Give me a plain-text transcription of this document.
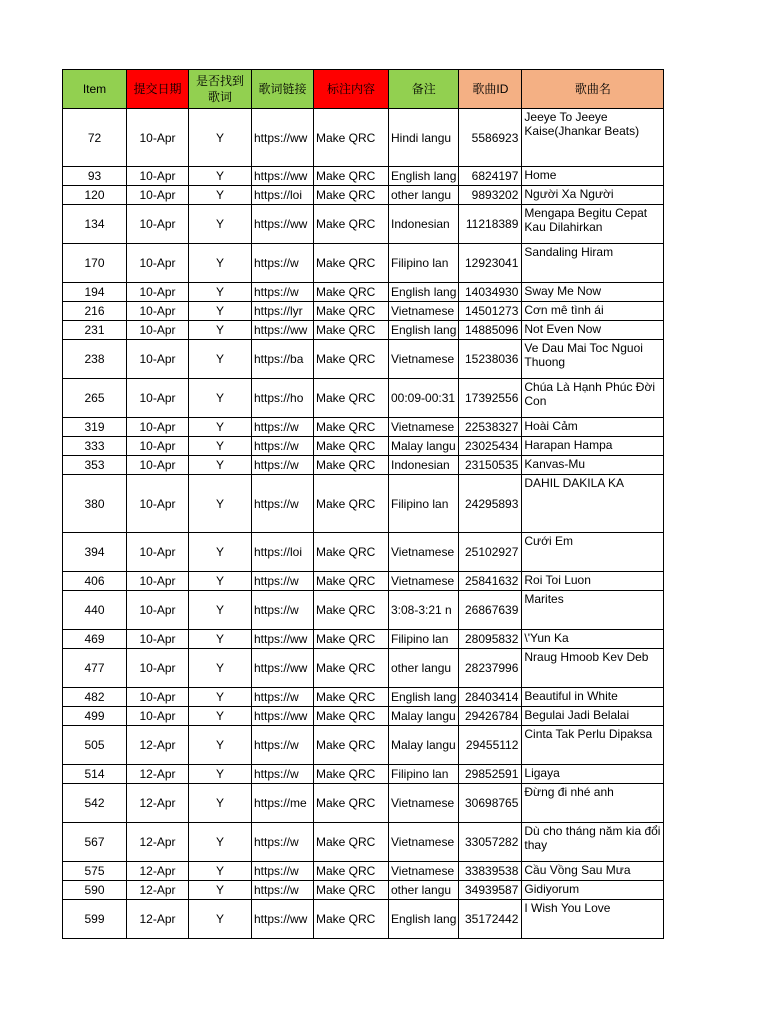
Item	提交日期	是否找到歌词	歌词链接	标注内容	备注	歌曲ID	歌曲名
72	10-Apr	Y	https://ww	Make QRC	Hindi langu	5586923	Jeeye To Jeeye Kaise(Jhankar Beats)
93	10-Apr	Y	https://ww	Make QRC	English lang	6824197	Home
120	10-Apr	Y	https://loi	Make QRC	other langu	9893202	Người Xa Người
134	10-Apr	Y	https://ww	Make QRC	Indonesian	11218389	Mengapa Begitu Cepat Kau Dilahirkan
170	10-Apr	Y	https://w	Make QRC	Filipino lan	12923041	Sandaling Hiram
194	10-Apr	Y	https://w	Make QRC	English lang	14034930	Sway Me Now
216	10-Apr	Y	https://lyr	Make QRC	Vietnamese	14501273	Cơn mê tình ái
231	10-Apr	Y	https://ww	Make QRC	English lang	14885096	Not Even Now
238	10-Apr	Y	https://ba	Make QRC	Vietnamese	15238036	Ve Dau Mai Toc Nguoi Thuong
265	10-Apr	Y	https://ho	Make QRC	00:09-00:31	17392556	Chúa Là Hạnh Phúc Đời Con
319	10-Apr	Y	https://w	Make QRC	Vietnamese	22538327	Hoài Cảm
333	10-Apr	Y	https://w	Make QRC	Malay langu	23025434	Harapan Hampa
353	10-Apr	Y	https://w	Make QRC	Indonesian	23150535	Kanvas-Mu
380	10-Apr	Y	https://w	Make QRC	Filipino lan	24295893	DAHIL DAKILA KA
394	10-Apr	Y	https://loi	Make QRC	Vietnamese	25102927	Cưới Em
406	10-Apr	Y	https://w	Make QRC	Vietnamese	25841632	Roi Toi Luon
440	10-Apr	Y	https://w	Make QRC	3:08-3:21 n	26867639	Marites
469	10-Apr	Y	https://ww	Make QRC	Filipino lan	28095832	\'Yun Ka
477	10-Apr	Y	https://ww	Make QRC	other langu	28237996	Nraug Hmoob Kev Deb
482	10-Apr	Y	https://w	Make QRC	English lang	28403414	Beautiful in White
499	10-Apr	Y	https://ww	Make QRC	Malay langu	29426784	Begulai Jadi Belalai
505	12-Apr	Y	https://w	Make QRC	Malay langu	29455112	Cinta Tak Perlu Dipaksa
514	12-Apr	Y	https://w	Make QRC	Filipino lan	29852591	Ligaya
542	12-Apr	Y	https://me	Make QRC	Vietnamese	30698765	Đừng đi nhé anh
567	12-Apr	Y	https://w	Make QRC	Vietnamese	33057282	Dù cho tháng năm kia đổi thay
575	12-Apr	Y	https://w	Make QRC	Vietnamese	33839538	Cầu Vồng Sau Mưa
590	12-Apr	Y	https://w	Make QRC	other langu	34939587	Gidiyorum
599	12-Apr	Y	https://ww	Make QRC	English lang	35172442	I Wish You Love
